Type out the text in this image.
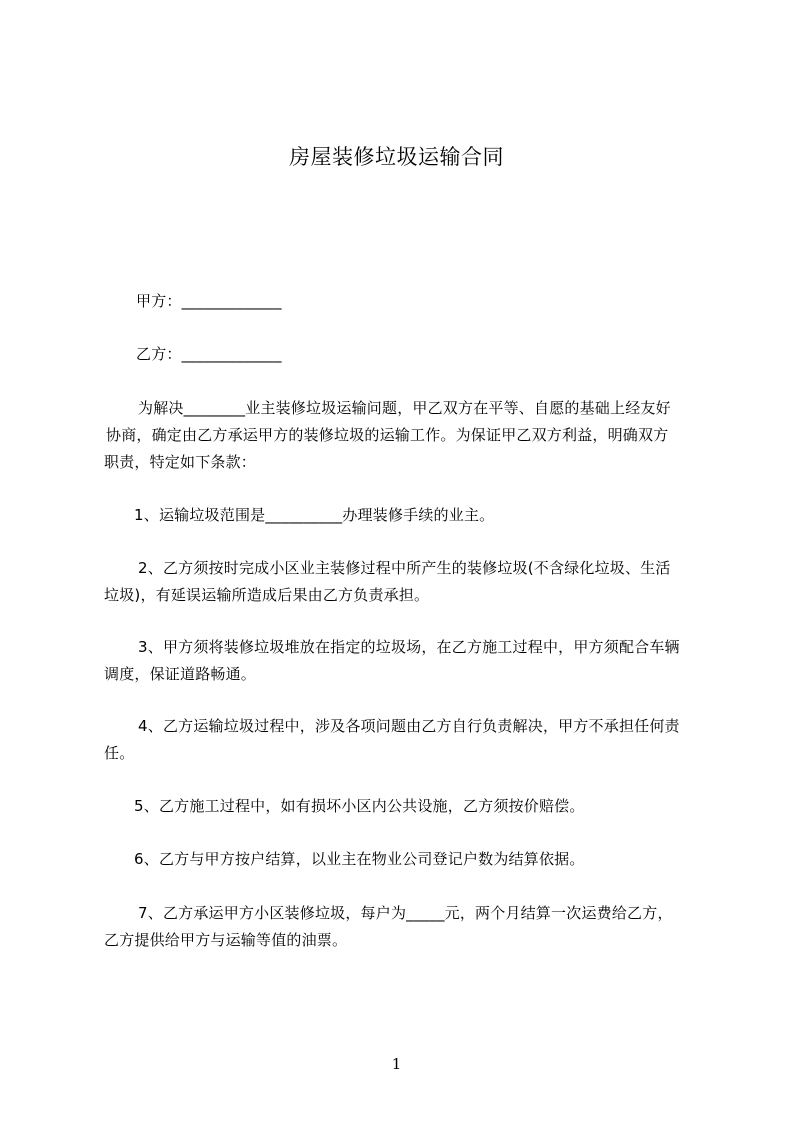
房屋装修垃圾运输合同
甲方：_____________
乙方：_____________
为解决________业主装修垃圾运输问题，甲乙双方在平等、自愿的基础上经友好
协商，确定由乙方承运甲方的装修垃圾的运输工作。为保证甲乙双方利益，明确双方
职责，特定如下条款：
1、运输垃圾范围是__________办理装修手续的业主。
2、乙方须按时完成小区业主装修过程中所产生的装修垃圾(不含绿化垃圾、生活
垃圾)，有延误运输所造成后果由乙方负责承担。
3、甲方须将装修垃圾堆放在指定的垃圾场，在乙方施工过程中，甲方须配合车辆
调度，保证道路畅通。
4、乙方运输垃圾过程中，涉及各项问题由乙方自行负责解决，甲方不承担任何责
任。
5、乙方施工过程中，如有损坏小区内公共设施，乙方须按价赔偿。
6、乙方与甲方按户结算，以业主在物业公司登记户数为结算依据。
7、乙方承运甲方小区装修垃圾，每户为_____元，两个月结算一次运费给乙方，
乙方提供给甲方与运输等值的油票。
1
